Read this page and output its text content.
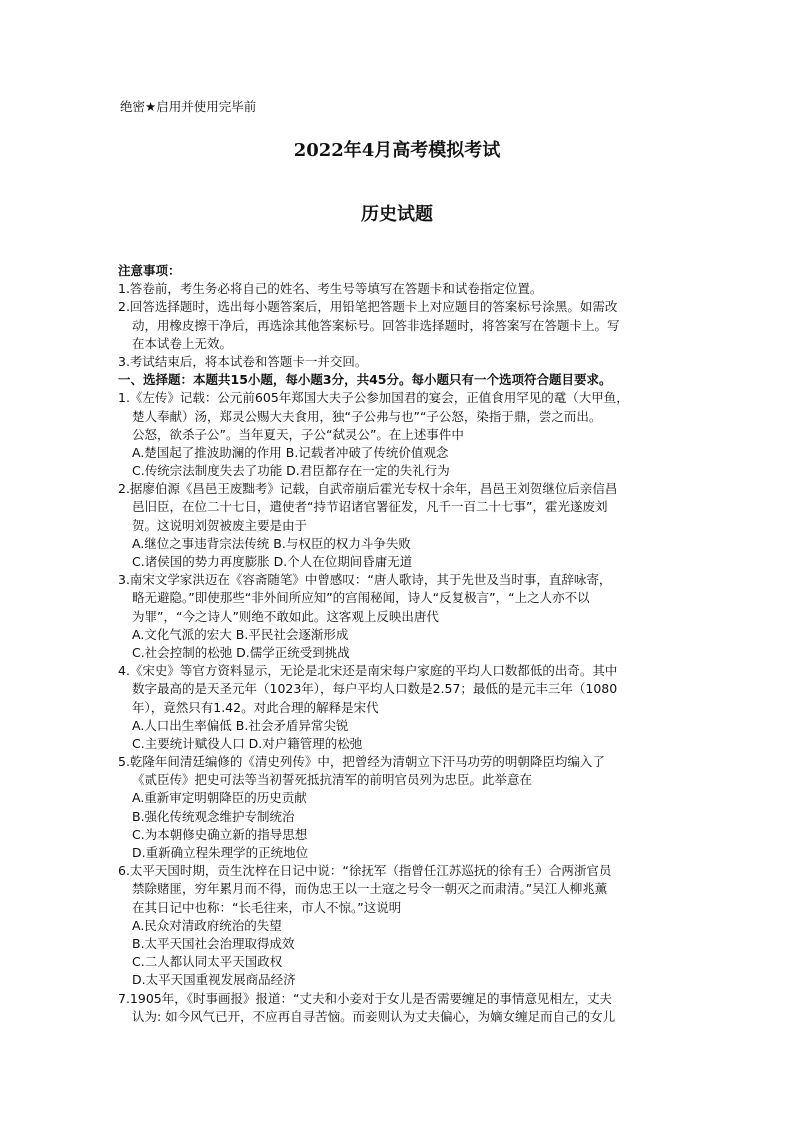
绝密★启用并使用完毕前
2022年4月高考模拟考试
历史试题
注意事项：
1.答卷前，考生务必将自己的姓名、考生号等填写在答题卡和试卷指定位置。
2.回答选择题时，选出每小题答案后，用铅笔把答题卡上对应题目的答案标号涂黑。如需改
动，用橡皮擦干净后，再选涂其他答案标号。回答非选择题时，将答案写在答题卡上。写
在本试卷上无效。
3.考试结束后，将本试卷和答题卡一并交回。
一、选择题：本题共15小题，每小题3分，共45分。每小题只有一个选项符合题目要求。
1.《左传》记载：公元前605年郑国大夫子公参加国君的宴会，正值食用罕见的鼋（大甲鱼，
楚人奉献）汤，郑灵公赐大夫食用，独“子公弗与也”“子公怒，染指于鼎，尝之而出。
公怒，欲杀子公”。当年夏天，子公“弑灵公”。在上述事件中
A.楚国起了推波助澜的作用 B.记载者冲破了传统价值观念
C.传统宗法制度失去了功能 D.君臣都存在一定的失礼行为
2.据廖伯源《昌邑王废黜考》记载，自武帝崩后霍光专权十余年，昌邑王刘贺继位后亲信昌
邑旧臣，在位二十七日，遣使者“持节诏诸官署征发，凡千一百二十七事”，霍光遂废刘
贺。这说明刘贺被废主要是由于
A.继位之事违背宗法传统 B.与权臣的权力斗争失败
C.诸侯国的势力再度膨胀 D.个人在位期间昏庸无道
3.南宋文学家洪迈在《容斋随笔》中曾感叹：“唐人歌诗，其于先世及当时事，直辞咏寄，
略无避隐。”即使那些“非外间所应知”的宫闱秘闻，诗人“反复极言”，“上之人亦不以
为罪”，“今之诗人”则绝不敢如此。这客观上反映出唐代
A.文化气派的宏大 B.平民社会逐渐形成
C.社会控制的松弛 D.儒学正统受到挑战
4.《宋史》等官方资料显示，无论是北宋还是南宋每户家庭的平均人口数都低的出奇。其中
数字最高的是天圣元年（1023年），每户平均人口数是2.57；最低的是元丰三年（1080
年），竟然只有1.42。对此合理的解释是宋代
A.人口出生率偏低 B.社会矛盾异常尖锐
C.主要统计赋役人口 D.对户籍管理的松弛
5.乾隆年间清廷编修的《清史列传》中，把曾经为清朝立下汗马功劳的明朝降臣均编入了
《贰臣传》把史可法等当初誓死抵抗清军的前明官员列为忠臣。此举意在
A.重新审定明朝降臣的历史贡献
B.强化传统观念维护专制统治
C.为本朝修史确立新的指导思想
D.重新确立程朱理学的正统地位
6.太平天国时期，贡生沈梓在日记中说：“徐抚军（指曾任江苏巡抚的徐有壬）合两浙官员
禁除赌匪，穷年累月而不得，而伪忠王以一土寇之号令一朝灭之而肃清。”吴江人柳兆薰
在其日记中也称：“长毛往来，市人不惊。”这说明
A.民众对清政府统治的失望
B.太平天国社会治理取得成效
C.二人都认同太平天国政权
D.太平天国重视发展商品经济
7.1905年，《时事画报》报道：“丈夫和小妾对于女儿是否需要缠足的事情意见相左，丈夫
认为: 如今风气已开，不应再自寻苦恼。而妾则认为丈夫偏心，为嫡女缠足而自己的女儿
